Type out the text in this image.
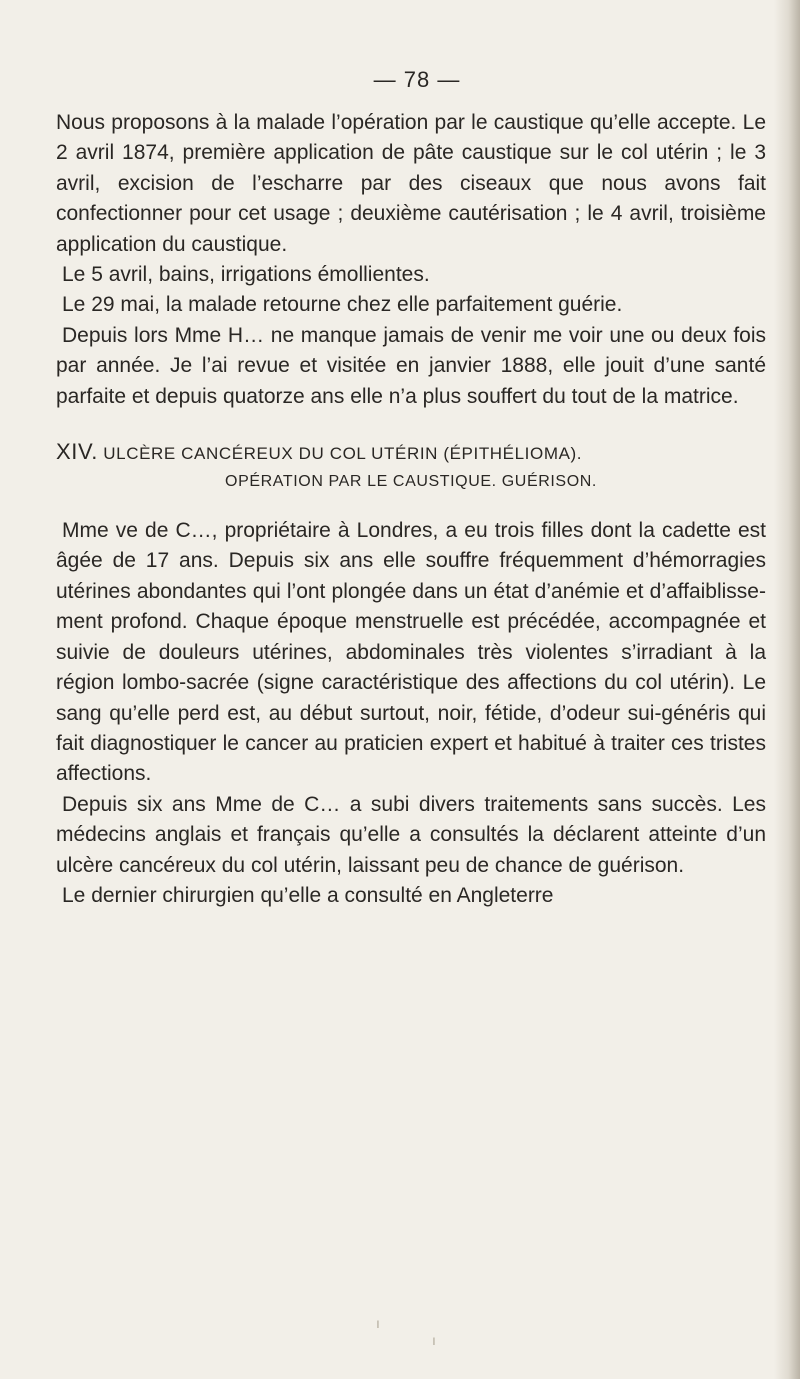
— 78 —

Nous proposons à la malade l’opération par le caustique qu’elle accepte. Le 2 avril 1874, première application de pâte caustique sur le col utérin ; le 3 avril, excision de l’escharre par des ciseaux que nous avons fait confectionner pour cet usage ; deuxième cautérisation ; le 4 avril, troisième application du caustique.

Le 5 avril, bains, irrigations émollientes.

Le 29 mai, la malade retourne chez elle parfaitement guérie.

Depuis lors Mme H… ne manque jamais de venir me voir une ou deux fois par année. Je l’ai revue et visitée en janvier 1888, elle jouit d’une santé parfaite et depuis quatorze ans elle n’a plus souffert du tout de la matrice.

XIV. ULCÈRE CANCÉREUX DU COL UTÉRIN (ÉPITHÉLIOMA).
OPÉRATION PAR LE CAUSTIQUE. GUÉRISON.

Mme ve de C…, propriétaire à Londres, a eu trois filles dont la cadette est âgée de 17 ans. Depuis six ans elle souffre fréquemment d’hémorragies utérines abondantes qui l’ont plongée dans un état d’anémie et d’affaiblissement profond. Chaque époque menstruelle est précédée, accompagnée et suivie de douleurs utérines, abdominales très violentes s’irradiant à la région lombo-sacrée (signe caractéristique des affections du col utérin). Le sang qu’elle perd est, au début surtout, noir, fétide, d’odeur sui-généris qui fait diagnostiquer le cancer au praticien expert et habitué à traiter ces tristes affections.

Depuis six ans Mme de C… a subi divers traitements sans succès. Les médecins anglais et français qu’elle a consultés la déclarent atteinte d’un ulcère cancéreux du col utérin, laissant peu de chance de guérison.

Le dernier chirurgien qu’elle a consulté en Angleterre

ı
ı
